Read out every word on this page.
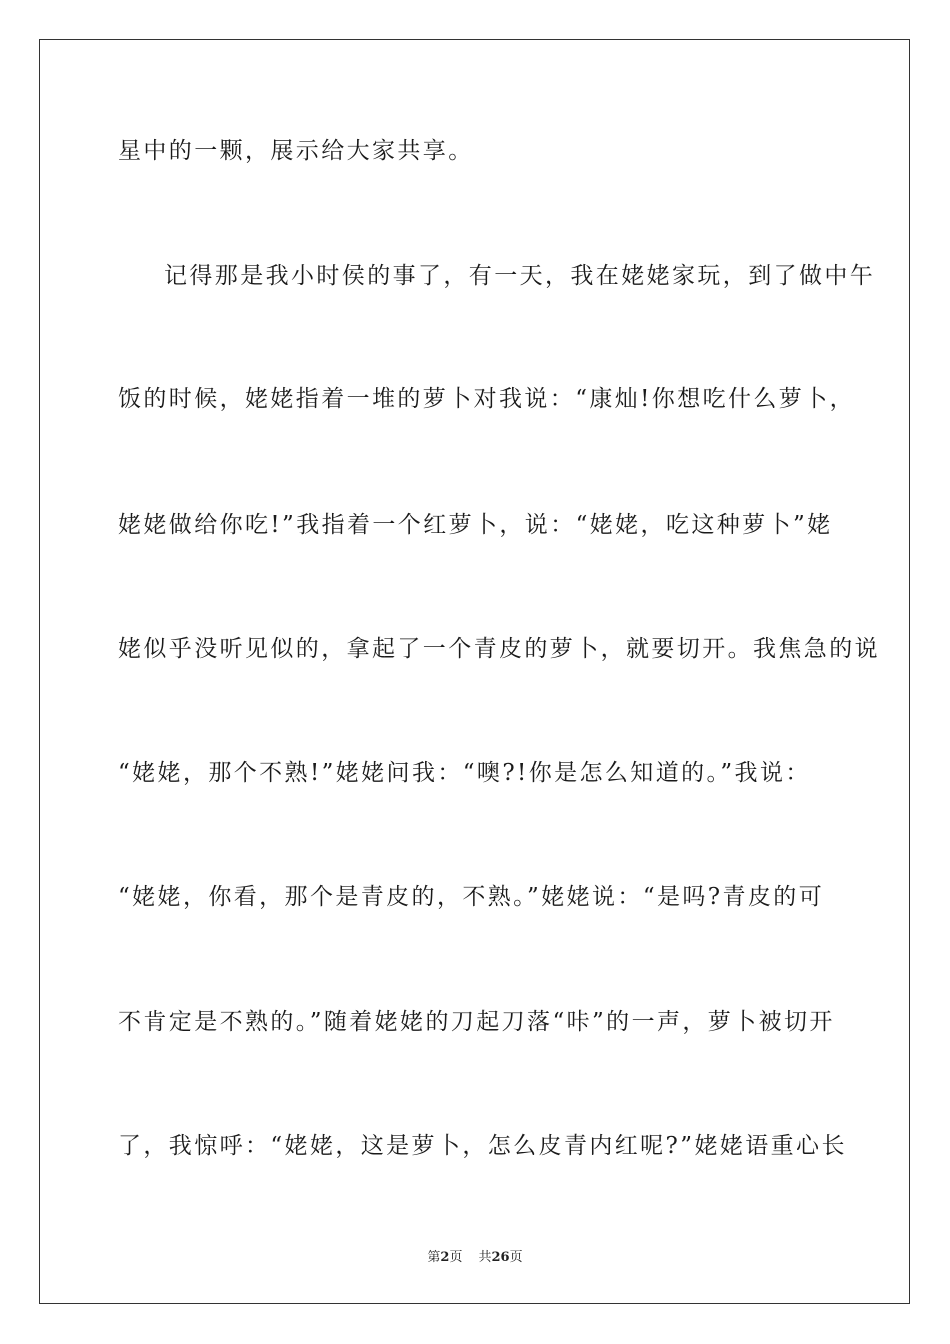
星中的一颗，展示给大家共享。
记得那是我小时侯的事了，有一天，我在姥姥家玩，到了做中午
饭的时候，姥姥指着一堆的萝卜对我说：“康灿!你想吃什么萝卜，
姥姥做给你吃!”我指着一个红萝卜，说：“姥姥，吃这种萝卜”姥
姥似乎没听见似的，拿起了一个青皮的萝卜，就要切开。我焦急的说
“姥姥，那个不熟!”姥姥问我：“噢?!你是怎么知道的。”我说：
“姥姥，你看，那个是青皮的，不熟。”姥姥说：“是吗?青皮的可
不肯定是不熟的。”随着姥姥的刀起刀落“咔”的一声，萝卜被切开
了，我惊呼：“姥姥，这是萝卜，怎么皮青内红呢?”姥姥语重心长
第2页 共26页
